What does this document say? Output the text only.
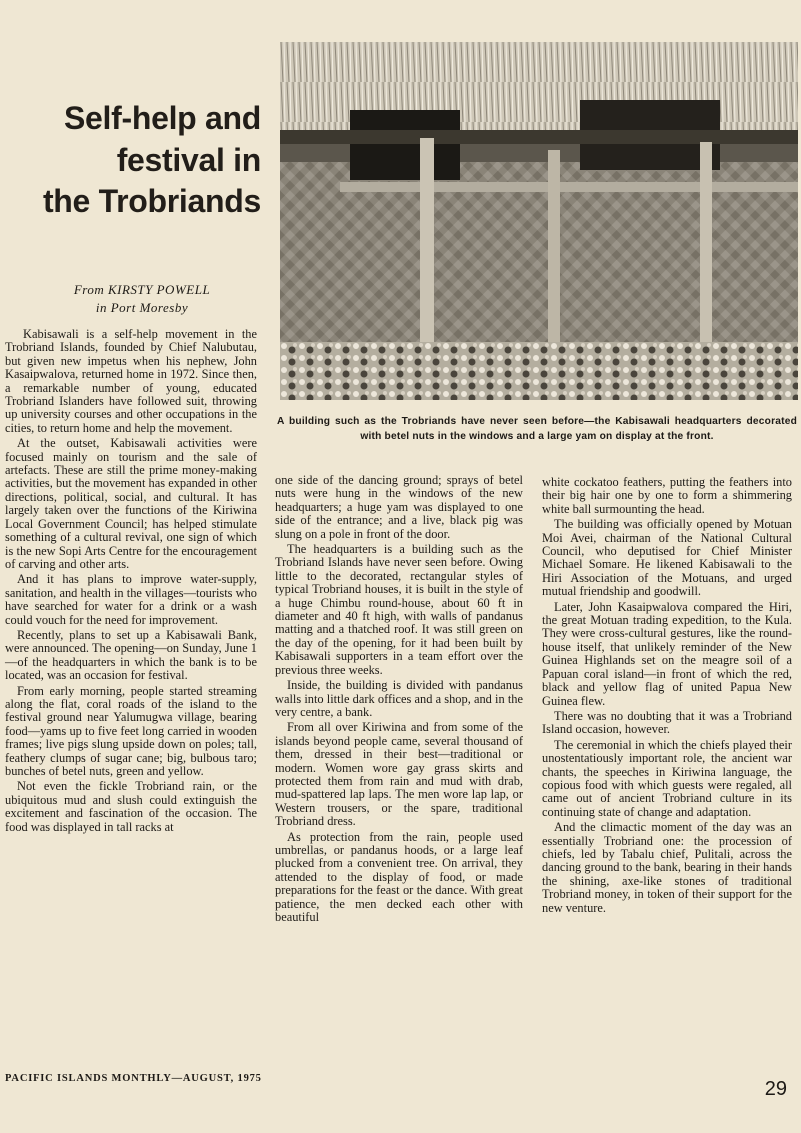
Self-help and
festival in
the Trobriands
From KIRSTY POWELL
in Port Moresby
A building such as the Trobriands have never seen before—the Kabisawali headquarters decorated with betel nuts in the windows and a large yam on display at the front.

Kabisawali is a self-help movement in the Trobriand Islands, founded by Chief Nalubutau, but given new impetus when his nephew, John Kasaipwalova, returned home in 1972. Since then, a remarkable number of young, educated Trobriand Islanders have followed suit, throwing up university courses and other occupations in the cities, to return home and help the movement.

At the outset, Kabisawali activities were focused mainly on tourism and the sale of artefacts. These are still the prime money-making activities, but the movement has expanded in other directions, political, social, and cultural. It has largely taken over the functions of the Kiriwina Local Government Council; has helped stimulate something of a cultural revival, one sign of which is the new Sopi Arts Centre for the encouragement of carving and other arts.

And it has plans to improve water-supply, sanitation, and health in the villages—tourists who have searched for water for a drink or a wash could vouch for the need for improvement.

Recently, plans to set up a Kabisawali Bank, were announced. The opening—on Sunday, June 1—of the headquarters in which the bank is to be located, was an occasion for festival.

From early morning, people started streaming along the flat, coral roads of the island to the festival ground near Yalumugwa village, bearing food—yams up to five feet long carried in wooden frames; live pigs slung upside down on poles; tall, feathery clumps of sugar cane; big, bulbous taro; bunches of betel nuts, green and yellow.

Not even the fickle Trobriand rain, or the ubiquitous mud and slush could extinguish the excitement and fascination of the occasion. The food was displayed in tall racks at

one side of the dancing ground; sprays of betel nuts were hung in the windows of the new headquarters; a huge yam was displayed to one side of the entrance; and a live, black pig was slung on a pole in front of the door.

The headquarters is a building such as the Trobriand Islands have never seen before. Owing little to the decorated, rectangular styles of typical Trobriand houses, it is built in the style of a huge Chimbu round-house, about 60 ft in diameter and 40 ft high, with walls of pandanus matting and a thatched roof. It was still green on the day of the opening, for it had been built by Kabisawali supporters in a team effort over the previous three weeks.

Inside, the building is divided with pandanus walls into little dark offices and a shop, and in the very centre, a bank.

From all over Kiriwina and from some of the islands beyond people came, several thousand of them, dressed in their best—traditional or modern. Women wore gay grass skirts and protected them from rain and mud with drab, mud-spattered lap laps. The men wore lap lap, or Western trousers, or the spare, traditional Trobriand dress.

As protection from the rain, people used umbrellas, or pandanus hoods, or a large leaf plucked from a convenient tree. On arrival, they attended to the display of food, or made preparations for the feast or the dance. With great patience, the men decked each other with beautiful

white cockatoo feathers, putting the feathers into their big hair one by one to form a shimmering white ball surmounting the head.

The building was officially opened by Motuan Moi Avei, chairman of the National Cultural Council, who deputised for Chief Minister Michael Somare. He likened Kabisawali to the Hiri Association of the Motuans, and urged mutual friendship and goodwill.

Later, John Kasaipwalova compared the Hiri, the great Motuan trading expedition, to the Kula. They were cross-cultural gestures, like the round-house itself, that unlikely reminder of the New Guinea Highlands set on the meagre soil of a Papuan coral island—in front of which the red, black and yellow flag of united Papua New Guinea flew.

There was no doubting that it was a Trobriand Island occasion, however.

The ceremonial in which the chiefs played their unostentatiously important role, the ancient war chants, the speeches in Kiriwina language, the copious food with which guests were regaled, all came out of ancient Trobriand culture in its continuing state of change and adaptation.

And the climactic moment of the day was an essentially Trobriand one: the procession of chiefs, led by Tabalu chief, Pulitali, across the dancing ground to the bank, bearing in their hands the shining, axe-like stones of traditional Trobriand money, in token of their support for the new venture.

PACIFIC ISLANDS MONTHLY—AUGUST, 1975	29
